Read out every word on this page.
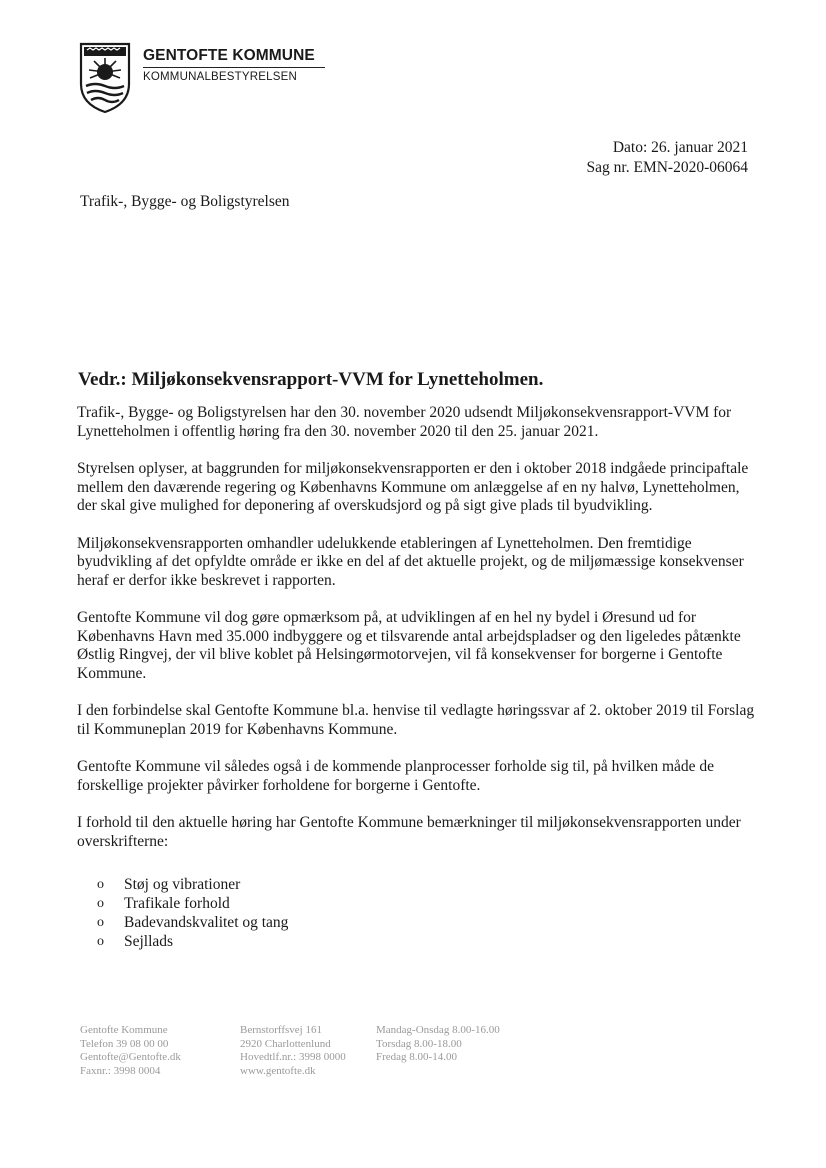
GENTOFTE KOMMUNE
KOMMUNALBESTYRELSEN
Dato: 26. januar 2021
Sag nr. EMN-2020-06064
Trafik-, Bygge- og Boligstyrelsen
Vedr.: Miljøkonsekvensrapport-VVM for Lynetteholmen.

Trafik-, Bygge- og Boligstyrelsen har den 30. november 2020 udsendt Miljøkonsekvensrapport-VVM for Lynetteholmen i offentlig høring fra den 30. november 2020 til den 25. januar 2021.

Styrelsen oplyser, at baggrunden for miljøkonsekvensrapporten er den i oktober 2018 indgåede principaftale mellem den daværende regering og Københavns Kommune om anlæggelse af en ny halvø, Lynetteholmen, der skal give mulighed for deponering af overskudsjord og på sigt give plads til byudvikling.

Miljøkonsekvensrapporten omhandler udelukkende etableringen af Lynetteholmen. Den fremtidige byudvikling af det opfyldte område er ikke en del af det aktuelle projekt, og de miljømæssige konsekvenser heraf er derfor ikke beskrevet i rapporten.

Gentofte Kommune vil dog gøre opmærksom på, at udviklingen af en hel ny bydel i Øresund ud for Københavns Havn med 35.000 indbyggere og et tilsvarende antal arbejdspladser og den ligeledes påtænkte Østlig Ringvej, der vil blive koblet på Helsingørmotorvejen, vil få konsekvenser for borgerne i Gentofte Kommune.

I den forbindelse skal Gentofte Kommune bl.a. henvise til vedlagte høringssvar af 2. oktober 2019 til Forslag til Kommuneplan 2019 for Københavns Kommune.

Gentofte Kommune vil således også i de kommende planprocesser forholde sig til, på hvilken måde de forskellige projekter påvirker forholdene for borgerne i Gentofte.

I forhold til den aktuelle høring har Gentofte Kommune bemærkninger til miljøkonsekvensrapporten under overskrifterne:

o Støj og vibrationer
o Trafikale forhold
o Badevandskvalitet og tang
o Sejllads
Gentofte Kommune
Telefon 39 08 00 00
Gentofte@Gentofte.dk
Faxnr.: 3998 0004
Bernstorffsvej 161
2920 Charlottenlund
Hovedtlf.nr.: 3998 0000
www.gentofte.dk
Mandag-Onsdag 8.00-16.00
Torsdag 8.00-18.00
Fredag 8.00-14.00
